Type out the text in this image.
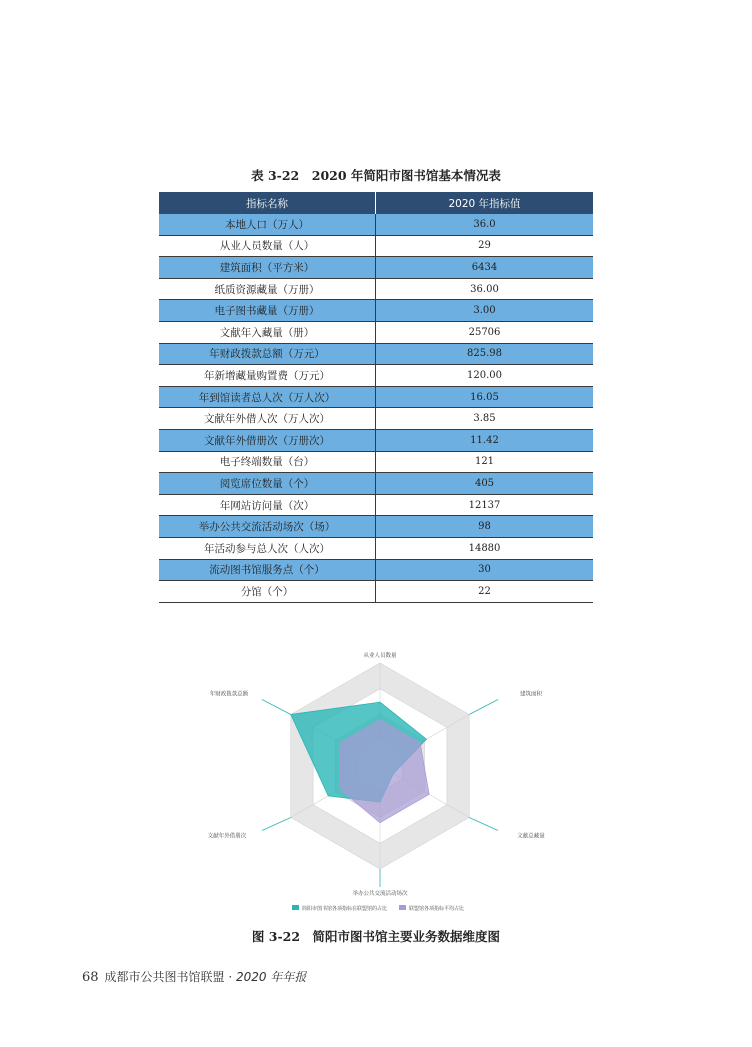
表 3-22　2020 年简阳市图书馆基本情况表
指标名称	2020 年指标值
本地人口（万人）	36.0
从业人员数量（人）	29
建筑面积（平方米）	6434
纸质资源藏量（万册）	36.00
电子图书藏量（万册）	3.00
文献年入藏量（册）	25706
年财政拨款总额（万元）	825.98
年新增藏量购置费（万元）	120.00
年到馆读者总人次（万人次）	16.05
文献年外借人次（万人次）	3.85
文献年外借册次（万册次）	11.42
电子终端数量（台）	121
阅览席位数量（个）	405
年网站访问量（次）	12137
举办公共交流活动场次（场）	98
年活动参与总人次（人次）	14880
流动图书馆服务点（个）	30
分馆（个）	22
从业人员数量
建筑面积
文献总藏量
举办公共交流活动场次
文献年外借册次
年财政拨款总额
简阳市图书馆各项指标在联盟馆的占比	联盟馆各项指标平均占比
图 3-22　简阳市图书馆主要业务数据维度图
68 成都市公共图书馆联盟 · 2020 年年报
